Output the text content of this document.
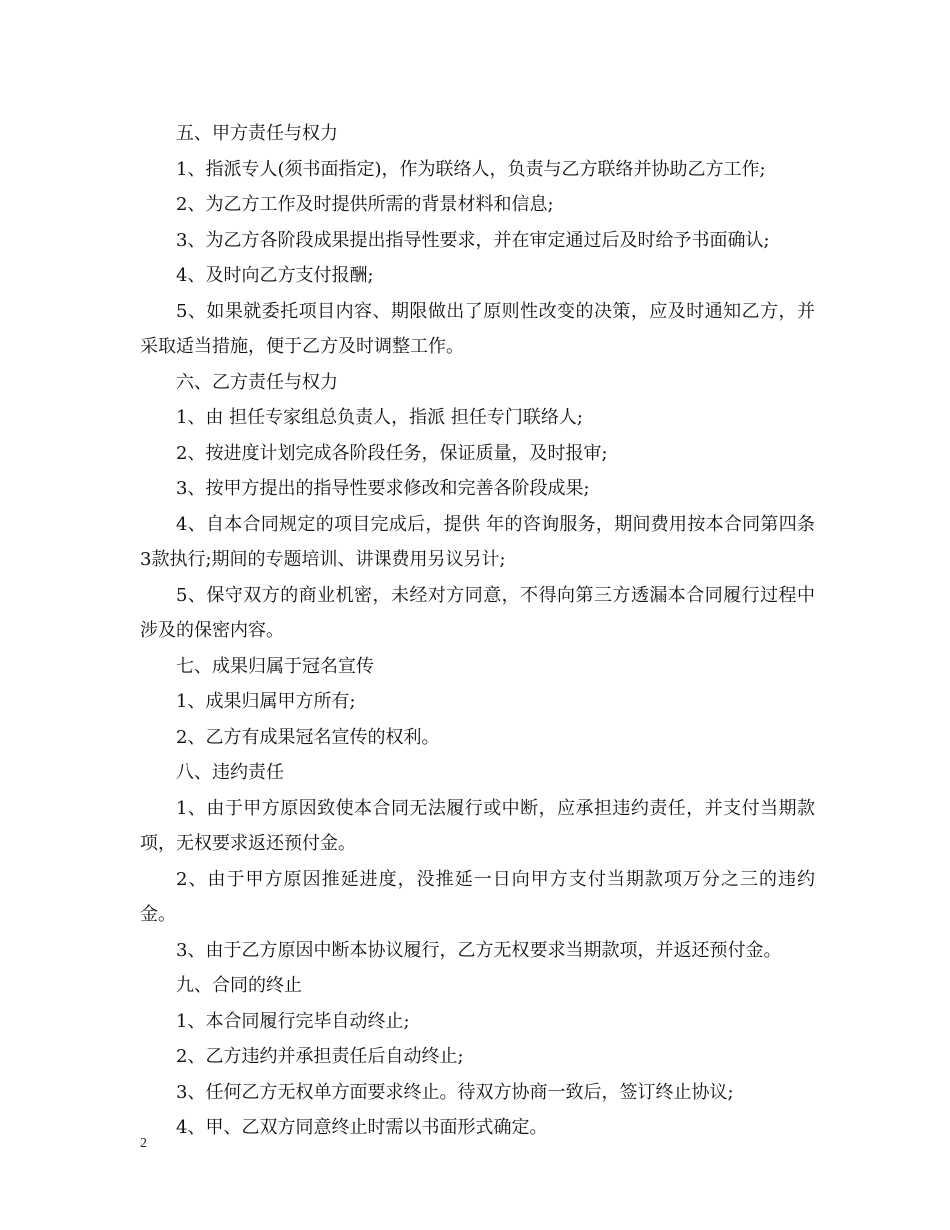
五、甲方责任与权力

1、指派专人(须书面指定)，作为联络人，负责与乙方联络并协助乙方工作;

2、为乙方工作及时提供所需的背景材料和信息;

3、为乙方各阶段成果提出指导性要求，并在审定通过后及时给予书面确认;

4、及时向乙方支付报酬;

5、如果就委托项目内容、期限做出了原则性改变的决策，应及时通知乙方，并采取适当措施，便于乙方及时调整工作。

六、乙方责任与权力

1、由 担任专家组总负责人，指派 担任专门联络人;

2、按进度计划完成各阶段任务，保证质量，及时报审;

3、按甲方提出的指导性要求修改和完善各阶段成果;

4、自本合同规定的项目完成后，提供 年的咨询服务，期间费用按本合同第四条3款执行;期间的专题培训、讲课费用另议另计;

5、保守双方的商业机密，未经对方同意，不得向第三方透漏本合同履行过程中涉及的保密内容。

七、成果归属于冠名宣传

1、成果归属甲方所有;

2、乙方有成果冠名宣传的权利。

八、违约责任

1、由于甲方原因致使本合同无法履行或中断，应承担违约责任，并支付当期款项，无权要求返还预付金。

2、由于甲方原因推延进度，没推延一日向甲方支付当期款项万分之三的违约金。

3、由于乙方原因中断本协议履行，乙方无权要求当期款项，并返还预付金。

九、合同的终止

1、本合同履行完毕自动终止;

2、乙方违约并承担责任后自动终止;

3、任何乙方无权单方面要求终止。待双方协商一致后，签订终止协议;

4、甲、乙双方同意终止时需以书面形式确定。

2
